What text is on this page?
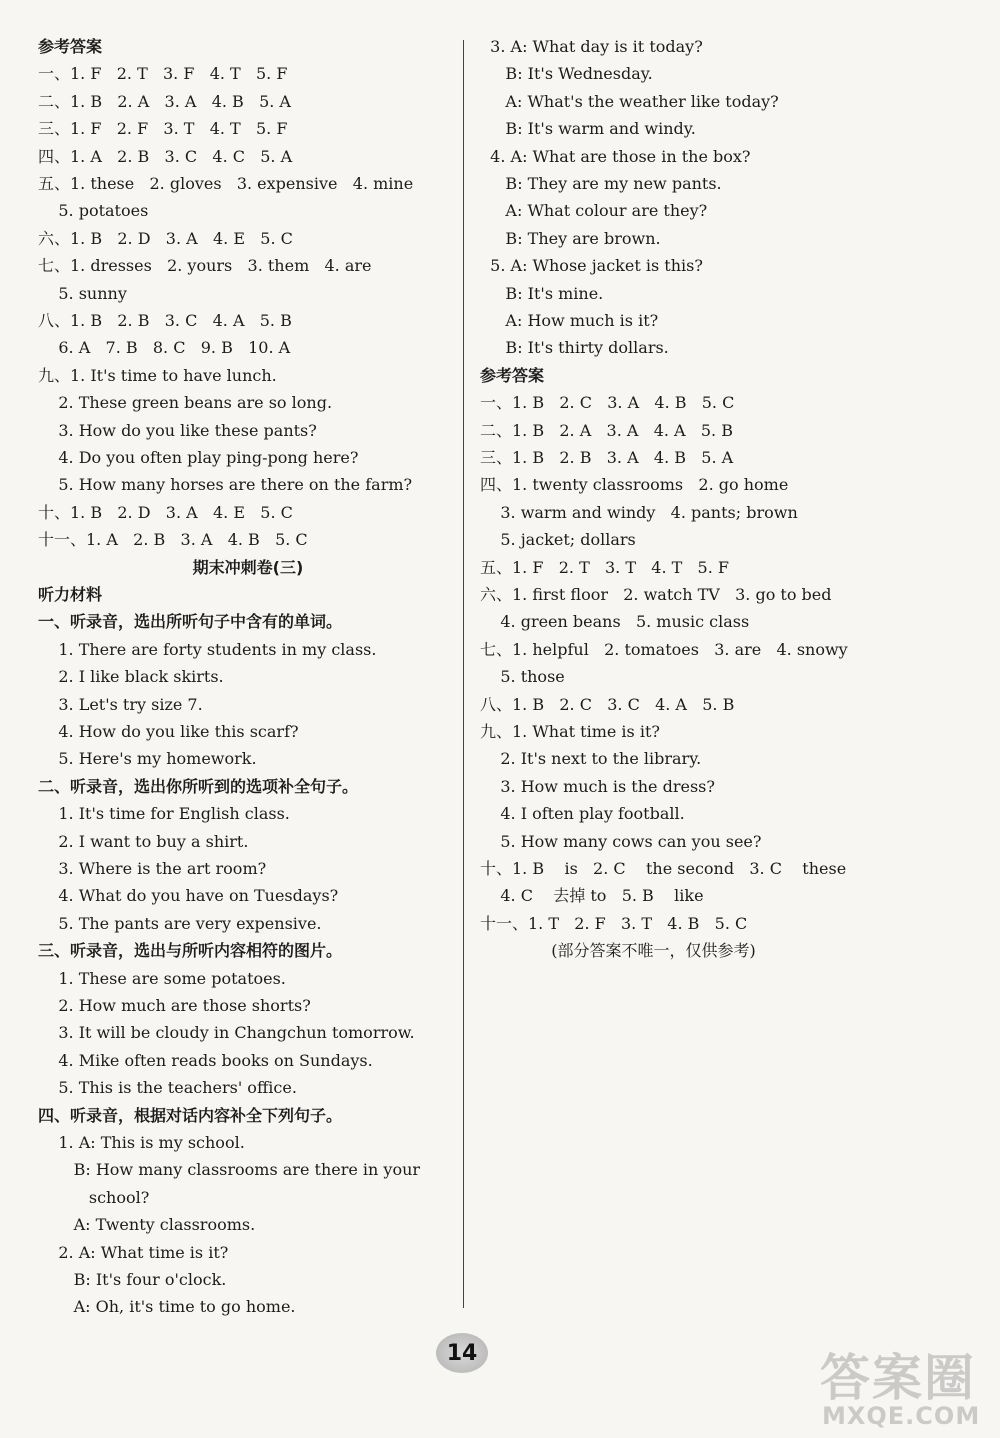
参考答案
一、1. F   2. T   3. F   4. T   5. F
二、1. B   2. A   3. A   4. B   5. A
三、1. F   2. F   3. T   4. T   5. F
四、1. A   2. B   3. C   4. C   5. A
五、1. these   2. gloves   3. expensive   4. mine
5. potatoes
六、1. B   2. D   3. A   4. E   5. C
七、1. dresses   2. yours   3. them   4. are
5. sunny
八、1. B   2. B   3. C   4. A   5. B
6. A   7. B   8. C   9. B   10. A
九、1. It's time to have lunch.
2. These green beans are so long.
3. How do you like these pants?
4. Do you often play ping-pong here?
5. How many horses are there on the farm?
十、1. B   2. D   3. A   4. E   5. C
十一、1. A   2. B   3. A   4. B   5. C
期末冲刺卷(三)
听力材料
一、听录音，选出所听句子中含有的单词。
1. There are forty students in my class.
2. I like black skirts.
3. Let's try size 7.
4. How do you like this scarf?
5. Here's my homework.
二、听录音，选出你所听到的选项补全句子。
1. It's time for English class.
2. I want to buy a shirt.
3. Where is the art room?
4. What do you have on Tuesdays?
5. The pants are very expensive.
三、听录音，选出与所听内容相符的图片。
1. These are some potatoes.
2. How much are those shorts?
3. It will be cloudy in Changchun tomorrow.
4. Mike often reads books on Sundays.
5. This is the teachers' office.
四、听录音，根据对话内容补全下列句子。
1. A: This is my school.
B: How many classrooms are there in your
school?
A: Twenty classrooms.
2. A: What time is it?
B: It's four o'clock.
A: Oh, it's time to go home.
3. A: What day is it today?
B: It's Wednesday.
A: What's the weather like today?
B: It's warm and windy.
4. A: What are those in the box?
B: They are my new pants.
A: What colour are they?
B: They are brown.
5. A: Whose jacket is this?
B: It's mine.
A: How much is it?
B: It's thirty dollars.
参考答案
一、1. B   2. C   3. A   4. B   5. C
二、1. B   2. A   3. A   4. A   5. B
三、1. B   2. B   3. A   4. B   5. A
四、1. twenty classrooms   2. go home
3. warm and windy   4. pants; brown
5. jacket; dollars
五、1. F   2. T   3. T   4. T   5. F
六、1. first floor   2. watch TV   3. go to bed
4. green beans   5. music class
七、1. helpful   2. tomatoes   3. are   4. snowy
5. those
八、1. B   2. C   3. C   4. A   5. B
九、1. What time is it?
2. It's next to the library.
3. How much is the dress?
4. I often play football.
5. How many cows can you see?
十、1. B    is   2. C    the second   3. C    these
4. C    去掉 to   5. B    like
十一、1. T   2. F   3. T   4. B   5. C
(部分答案不唯一，仅供参考)
14	答案圈
MXQE.COM
